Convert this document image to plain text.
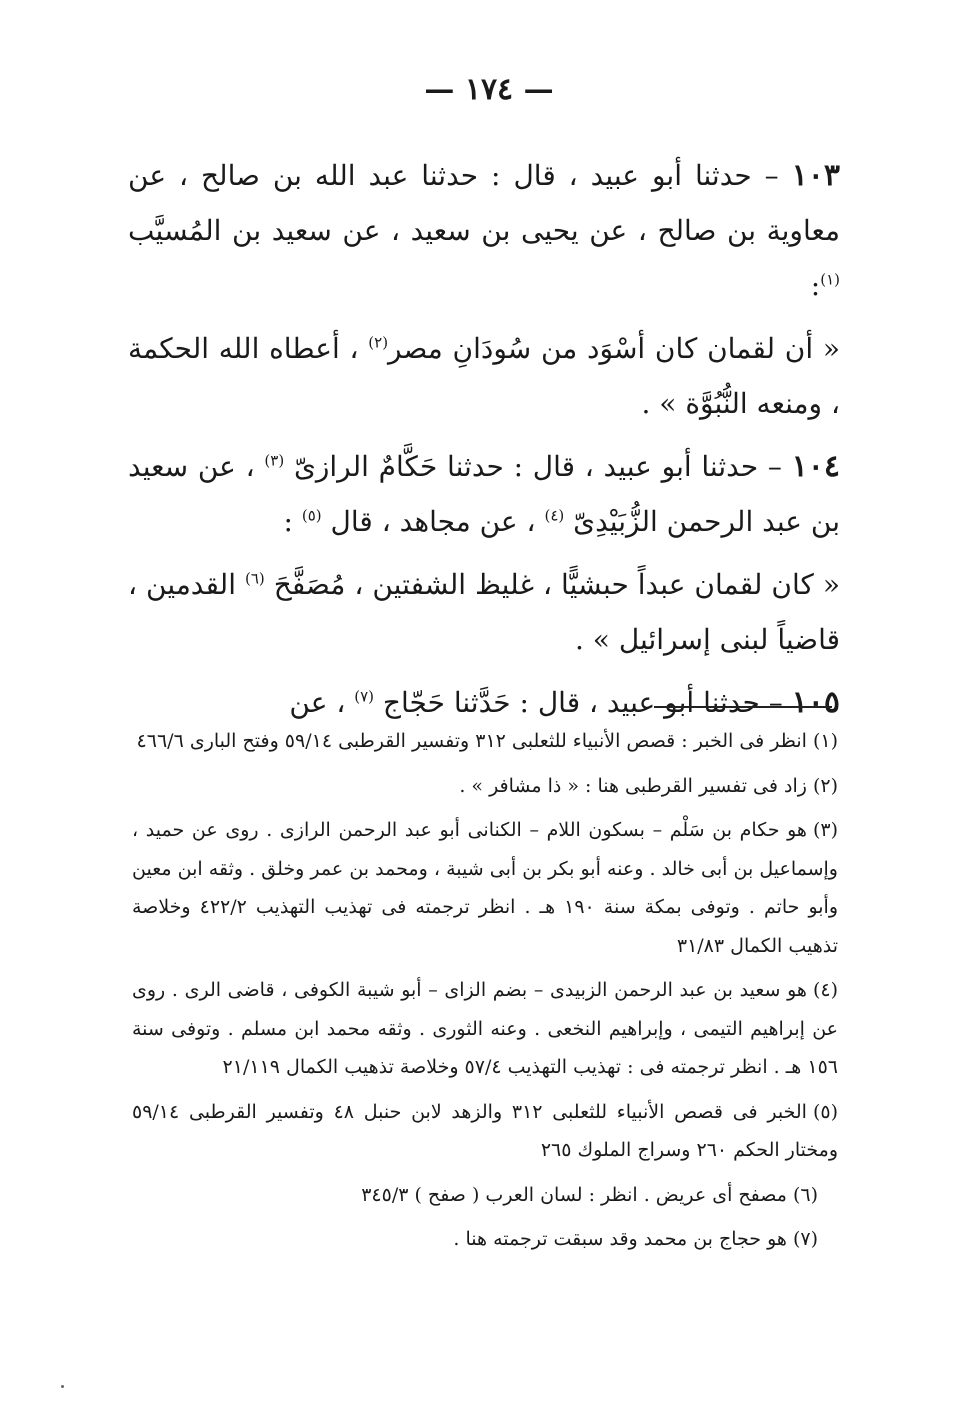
— ١٧٤ —

١٠٣ – حدثنا أبو عبيد ، قال : حدثنا عبد الله بن صالح ، عن معاوية بن صالح ، عن يحيى بن سعيد ، عن سعيد بن المُسيَّب $^{(١)}$:

« أن لقمان كان أسْوَد من سُودَانِ مصر$^{(٢)}$ ، أعطاه الله الحكمة ، ومنعه النُّبُوَّة » .

١٠٤ – حدثنا أبو عبيد ، قال : حدثنا حَكَّامٌ الرازىّ $^{(٣)}$ ، عن سعيد بن عبد الرحمن الزُّبَيْدِىّ $^{(٤)}$ ، عن مجاهد ، قال $^{(٥)}$ :

« كان لقمان عبداً حبشيًّا ، غليظ الشفتين ، مُصَفَّحَ $^{(٦)}$ القدمين ، قاضياً لبنى إسرائيل » .

١٠٥ – حدثنا أبو عبيد ، قال : حَدَّثنا حَجّاج $^{(٧)}$ ، عن

(١)انظر فى الخبر : قصص الأنبياء للثعلبى ٣١٢ وتفسير القرطبى ٥٩/١٤ وفتح البارى ٤٦٦/٦

(٢)زاد فى تفسير القرطبى هنا : « ذا مشافر » .

(٣)هو حكام بن سَلْم – بسكون اللام – الكنانى أبو عبد الرحمن الرازى . روى عن حميد ، وإسماعيل بن أبى خالد . وعنه أبو بكر بن أبى شيبة ، ومحمد بن عمر وخلق . وثقه ابن معين وأبو حاتم . وتوفى بمكة سنة ١٩٠ هـ . انظر ترجمته فى تهذيب التهذيب ٤٢٢/٢ وخلاصة تذهيب الكمال ٣١/٨٣

(٤)هو سعيد بن عبد الرحمن الزبيدى – بضم الزاى – أبو شيبة الكوفى ، قاضى الرى . روى عن إبراهيم التيمى ، وإبراهيم النخعى . وعنه الثورى . وثقه محمد ابن مسلم . وتوفى سنة ١٥٦ هـ . انظر ترجمته فى : تهذيب التهذيب ٥٧/٤ وخلاصة تذهيب الكمال ٢١/١١٩

(٥)الخبر فى قصص الأنبياء للثعلبى ٣١٢ والزهد لابن حنبل ٤٨ وتفسير القرطبى ٥٩/١٤ ومختار الحكم ٢٦٠ وسراج الملوك ٢٦٥

(٦)مصفح أى عريض . انظر : لسان العرب ( صفح ) ٣٤٥/٣

(٧)هو حجاج بن محمد وقد سبقت ترجمته هنا .
